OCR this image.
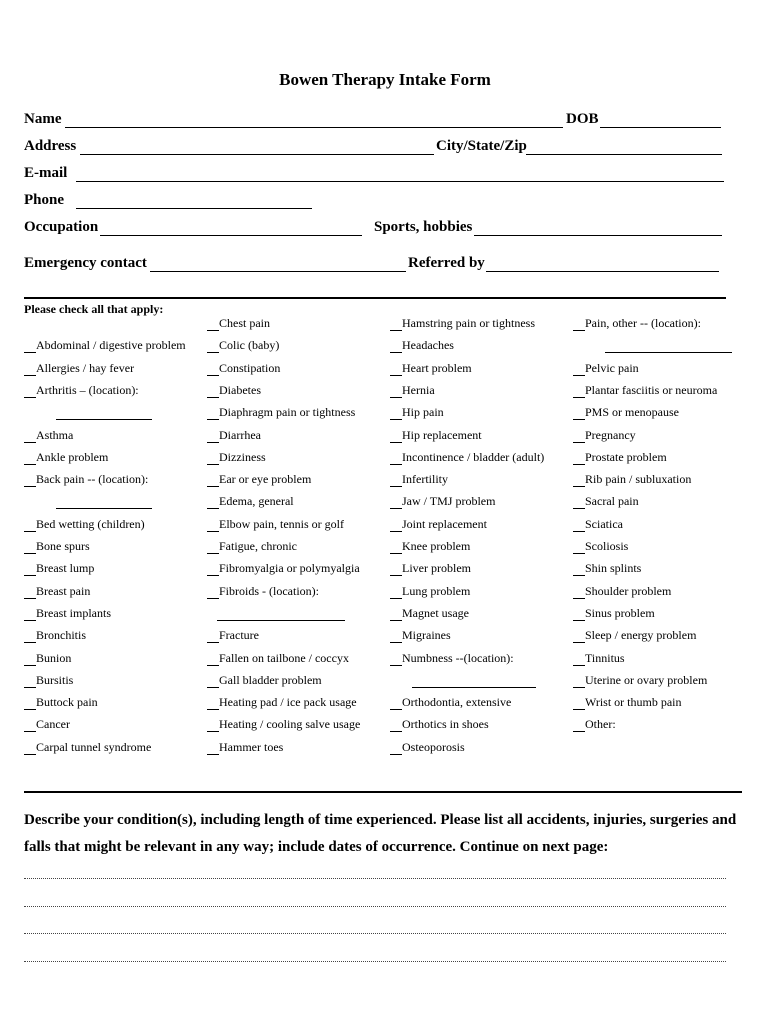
Bowen Therapy Intake Form
Name	DOB
Address	City/State/Zip
E-mail
Phone
Occupation	Sports, hobbies
Emergency contact	Referred by
Please check all that apply:
Abdominal / digestive problem
Allergies / hay fever
Arthritis – (location):
Asthma
Ankle problem
Back pain -- (location):
Bed wetting (children)
Bone spurs
Breast lump
Breast pain
Breast implants
Bronchitis
Bunion
Bursitis
Buttock pain
Cancer
Carpal tunnel syndrome
Chest pain
Colic (baby)
Constipation
Diabetes
Diaphragm pain or tightness
Diarrhea
Dizziness
Ear or eye problem
Edema, general
Elbow pain, tennis or golf
Fatigue, chronic
Fibromyalgia or polymyalgia
Fibroids - (location):
Fracture
Fallen on tailbone / coccyx
Gall bladder problem
Heating pad / ice pack usage
Heating / cooling salve usage
Hammer toes
Hamstring pain or tightness
Headaches
Heart problem
Hernia
Hip pain
Hip replacement
Incontinence / bladder (adult)
Infertility
Jaw / TMJ problem
Joint replacement
Knee problem
Liver problem
Lung problem
Magnet usage
Migraines
Numbness --(location):
Orthodontia, extensive
Orthotics in shoes
Osteoporosis
Pain, other -- (location):
Pelvic pain
Plantar fasciitis or neuroma
PMS or menopause
Pregnancy
Prostate problem
Rib pain / subluxation
Sacral pain
Sciatica
Scoliosis
Shin splints
Shoulder problem
Sinus problem
Sleep / energy problem
Tinnitus
Uterine or ovary problem
Wrist or thumb pain
Other:
Describe your condition(s), including length of time experienced. Please list all accidents, injuries, surgeries and falls that might be relevant in any way; include dates of occurrence. Continue on next page:
